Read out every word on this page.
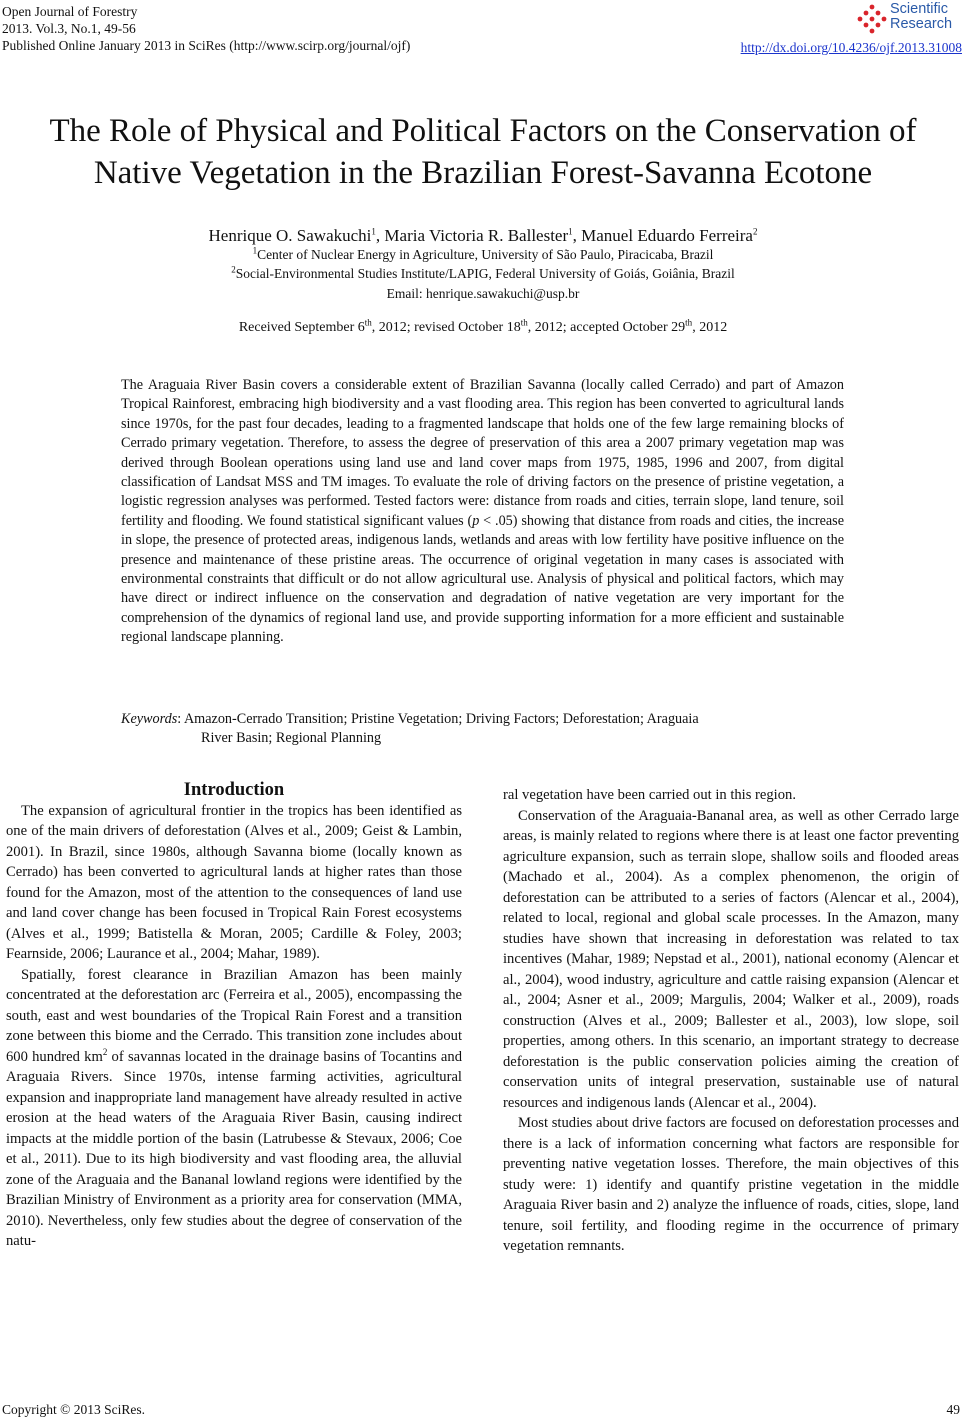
Open Journal of Forestry
2013. Vol.3, No.1, 49-56
Published Online January 2013 in SciRes (http://www.scirp.org/journal/ojf)
Scientific
Research
http://dx.doi.org/10.4236/ojf.2013.31008
The Role of Physical and Political Factors on the Conservation of
Native Vegetation in the Brazilian Forest-Savanna Ecotone
Henrique O. Sawakuchi$^1$, Maria Victoria R. Ballester$^1$, Manuel Eduardo Ferreira$^2$
$^1$Center of Nuclear Energy in Agriculture, University of São Paulo, Piracicaba, Brazil
$^2$Social-Environmental Studies Institute/LAPIG, Federal University of Goiás, Goiânia, Brazil
Email: henrique.sawakuchi@usp.br
Received September 6th, 2012; revised October 18th, 2012; accepted October 29th, 2012

The Araguaia River Basin covers a considerable extent of Brazilian Savanna (locally called Cerrado) and part of Amazon Tropical Rainforest, embracing high biodiversity and a vast flooding area. This region has been converted to agricultural lands since 1970s, for the past four decades, leading to a fragmented landscape that holds one of the few large remaining blocks of Cerrado primary vegetation. Therefore, to assess the degree of preservation of this area a 2007 primary vegetation map was derived through Boolean operations using land use and land cover maps from 1975, 1985, 1996 and 2007, from digital classification of Landsat MSS and TM images. To evaluate the role of driving factors on the presence of pristine vegetation, a logistic regression analyses was performed. Tested factors were: distance from roads and cities, terrain slope, land tenure, soil fertility and flooding. We found statistical significant values (p < .05) showing that distance from roads and cities, the increase in slope, the presence of protected areas, indigenous lands, wetlands and areas with low fertility have positive influence on the presence and maintenance of these pristine areas. The occurrence of original vegetation in many cases is associated with environmental constraints that difficult or do not allow agricultural use. Analysis of physical and political factors, which may have direct or indirect influence on the conservation and degradation of native vegetation are very important for the comprehension of the dynamics of regional land use, and provide supporting information for a more efficient and sustainable regional landscape planning.

Keywords: Amazon-Cerrado Transition; Pristine Vegetation; Driving Factors; Deforestation; Araguaia
River Basin; Regional Planning

Introduction

The expansion of agricultural frontier in the tropics has been identified as one of the main drivers of deforestation (Alves et al., 2009; Geist & Lambin, 2001). In Brazil, since 1980s, although Savanna biome (locally known as Cerrado) has been converted to agricultural lands at higher rates than those found for the Amazon, most of the attention to the consequences of land use and land cover change has been focused in Tropical Rain Forest ecosystems (Alves et al., 1999; Batistella & Moran, 2005; Cardille & Foley, 2003; Fearnside, 2006; Laurance et al., 2004; Mahar, 1989).

Spatially, forest clearance in Brazilian Amazon has been mainly concentrated at the deforestation arc (Ferreira et al., 2005), encompassing the south, east and west boundaries of the Tropical Rain Forest and a transition zone between this biome and the Cerrado. This transition zone includes about 600 hundred $km^2$ of savannas located in the drainage basins of Tocantins and Araguaia Rivers. Since 1970s, intense farming activities, agricultural expansion and inappropriate land management have already resulted in active erosion at the head waters of the Araguaia River Basin, causing indirect impacts at the middle portion of the basin (Latrubesse & Stevaux, 2006; Coe et al., 2011). Due to its high biodiversity and vast flooding area, the alluvial zone of the Araguaia and the Bananal lowland regions were identified by the Brazilian Ministry of Environment as a priority area for conservation (MMA, 2010). Nevertheless, only few studies about the degree of conservation of the natu-

ral vegetation have been carried out in this region.

Conservation of the Araguaia-Bananal area, as well as other Cerrado large areas, is mainly related to regions where there is at least one factor preventing agriculture expansion, such as terrain slope, shallow soils and flooded areas (Machado et al., 2004). As a complex phenomenon, the origin of deforestation can be attributed to a series of factors (Alencar et al., 2004), related to local, regional and global scale processes. In the Amazon, many studies have shown that increasing in deforestation was related to tax incentives (Mahar, 1989; Nepstad et al., 2001), national economy (Alencar et al., 2004), wood industry, agriculture and cattle raising expansion (Alencar et al., 2004; Asner et al., 2009; Margulis, 2004; Walker et al., 2009), roads construction (Alves et al., 2009; Ballester et al., 2003), low slope, soil properties, among others. In this scenario, an important strategy to decrease deforestation is the public conservation policies aiming the creation of conservation units of integral preservation, sustainable use of natural resources and indigenous lands (Alencar et al., 2004).

Most studies about drive factors are focused on deforestation processes and there is a lack of information concerning what factors are responsible for preventing native vegetation losses. Therefore, the main objectives of this study were: 1) identify and quantify pristine vegetation in the middle Araguaia River basin and 2) analyze the influence of roads, cities, slope, land tenure, soil fertility, and flooding regime in the occurrence of primary vegetation remnants.

Copyright © 2013 SciRes.	49
